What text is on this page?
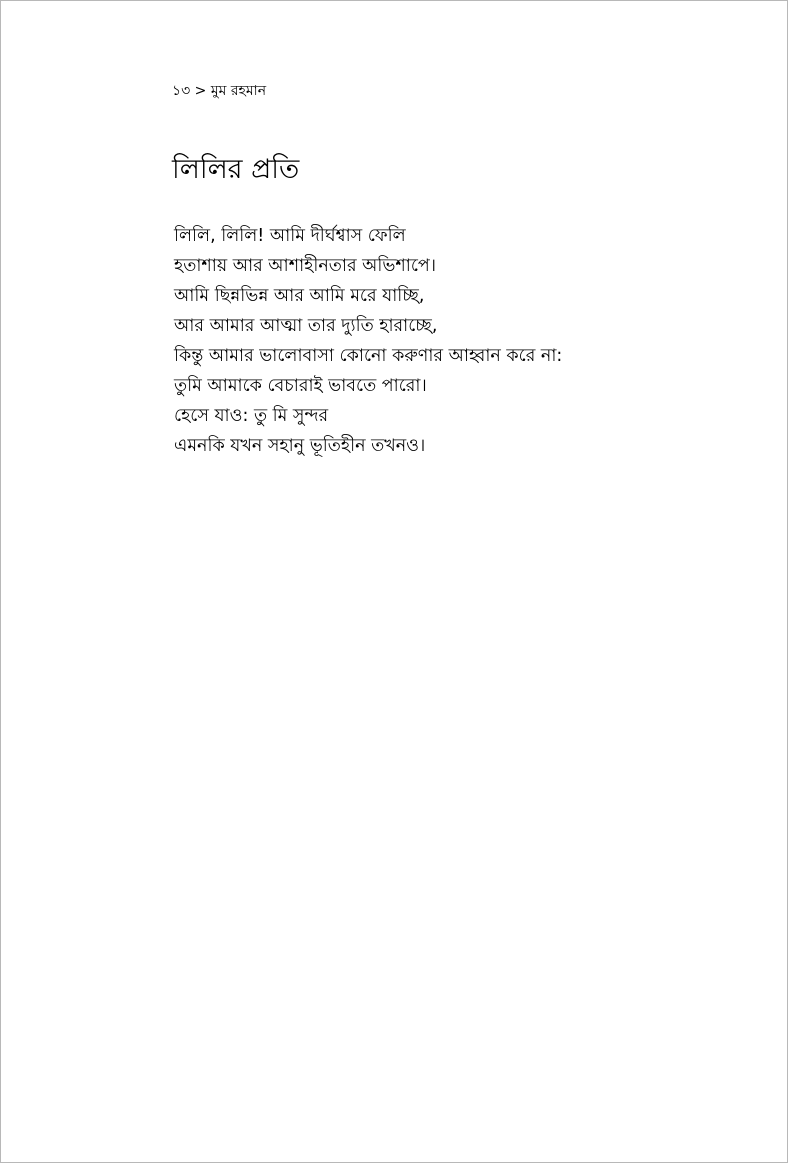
১৩ > মুম রহমান
লিলির প্রতি
লিলি, লিলি! আমি দীর্ঘশ্বাস ফেলি
হতাশায় আর আশাহীনতার অভিশাপে।
আমি ছিন্নভিন্ন আর আমি মরে যাচ্ছি,
আর আমার আত্মা তার দ্যুতি হারাচ্ছে,
কিন্তু আমার ভালোবাসা কোনো করুণার আহ্বান করে না:
তুমি আমাকে বেচারাই ভাবতে পারো।
হেসে যাও: তু মি সুন্দর
এমনকি যখন সহানু ভূতিহীন তখনও।
